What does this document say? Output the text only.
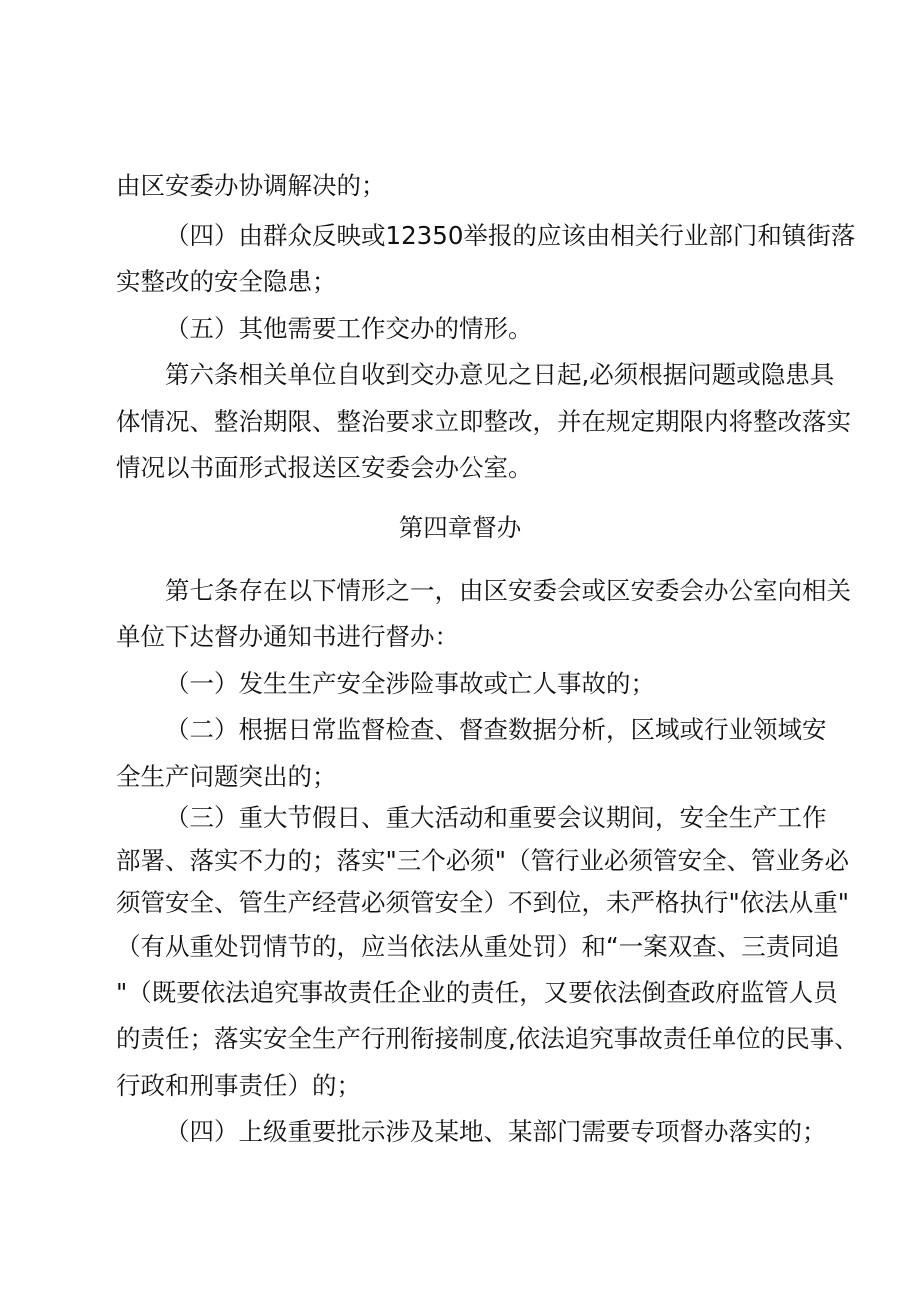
由区安委办协调解决的；
（四）由群众反映或12350举报的应该由相关行业部门和镇街落
实整改的安全隐患；
（五）其他需要工作交办的情形。
第六条相关单位自收到交办意见之日起,必须根据问题或隐患具
体情况、整治期限、整治要求立即整改，并在规定期限内将整改落实
情况以书面形式报送区安委会办公室。
第四章督办
第七条存在以下情形之一，由区安委会或区安委会办公室向相关
单位下达督办通知书进行督办：
（一）发生生产安全涉险事故或亡人事故的；
（二）根据日常监督检查、督查数据分析，区域或行业领域安
全生产问题突出的；
（三）重大节假日、重大活动和重要会议期间，安全生产工作
部署、落实不力的；落实"三个必须"（管行业必须管安全、管业务必
须管安全、管生产经营必须管安全）不到位，未严格执行"依法从重"
（有从重处罚情节的，应当依法从重处罚）和“一案双查、三责同追
"（既要依法追究事故责任企业的责任，又要依法倒查政府监管人员
的责任；落实安全生产行刑衔接制度,依法追究事故责任单位的民事、
行政和刑事责任）的；
（四）上级重要批示涉及某地、某部门需要专项督办落实的；
